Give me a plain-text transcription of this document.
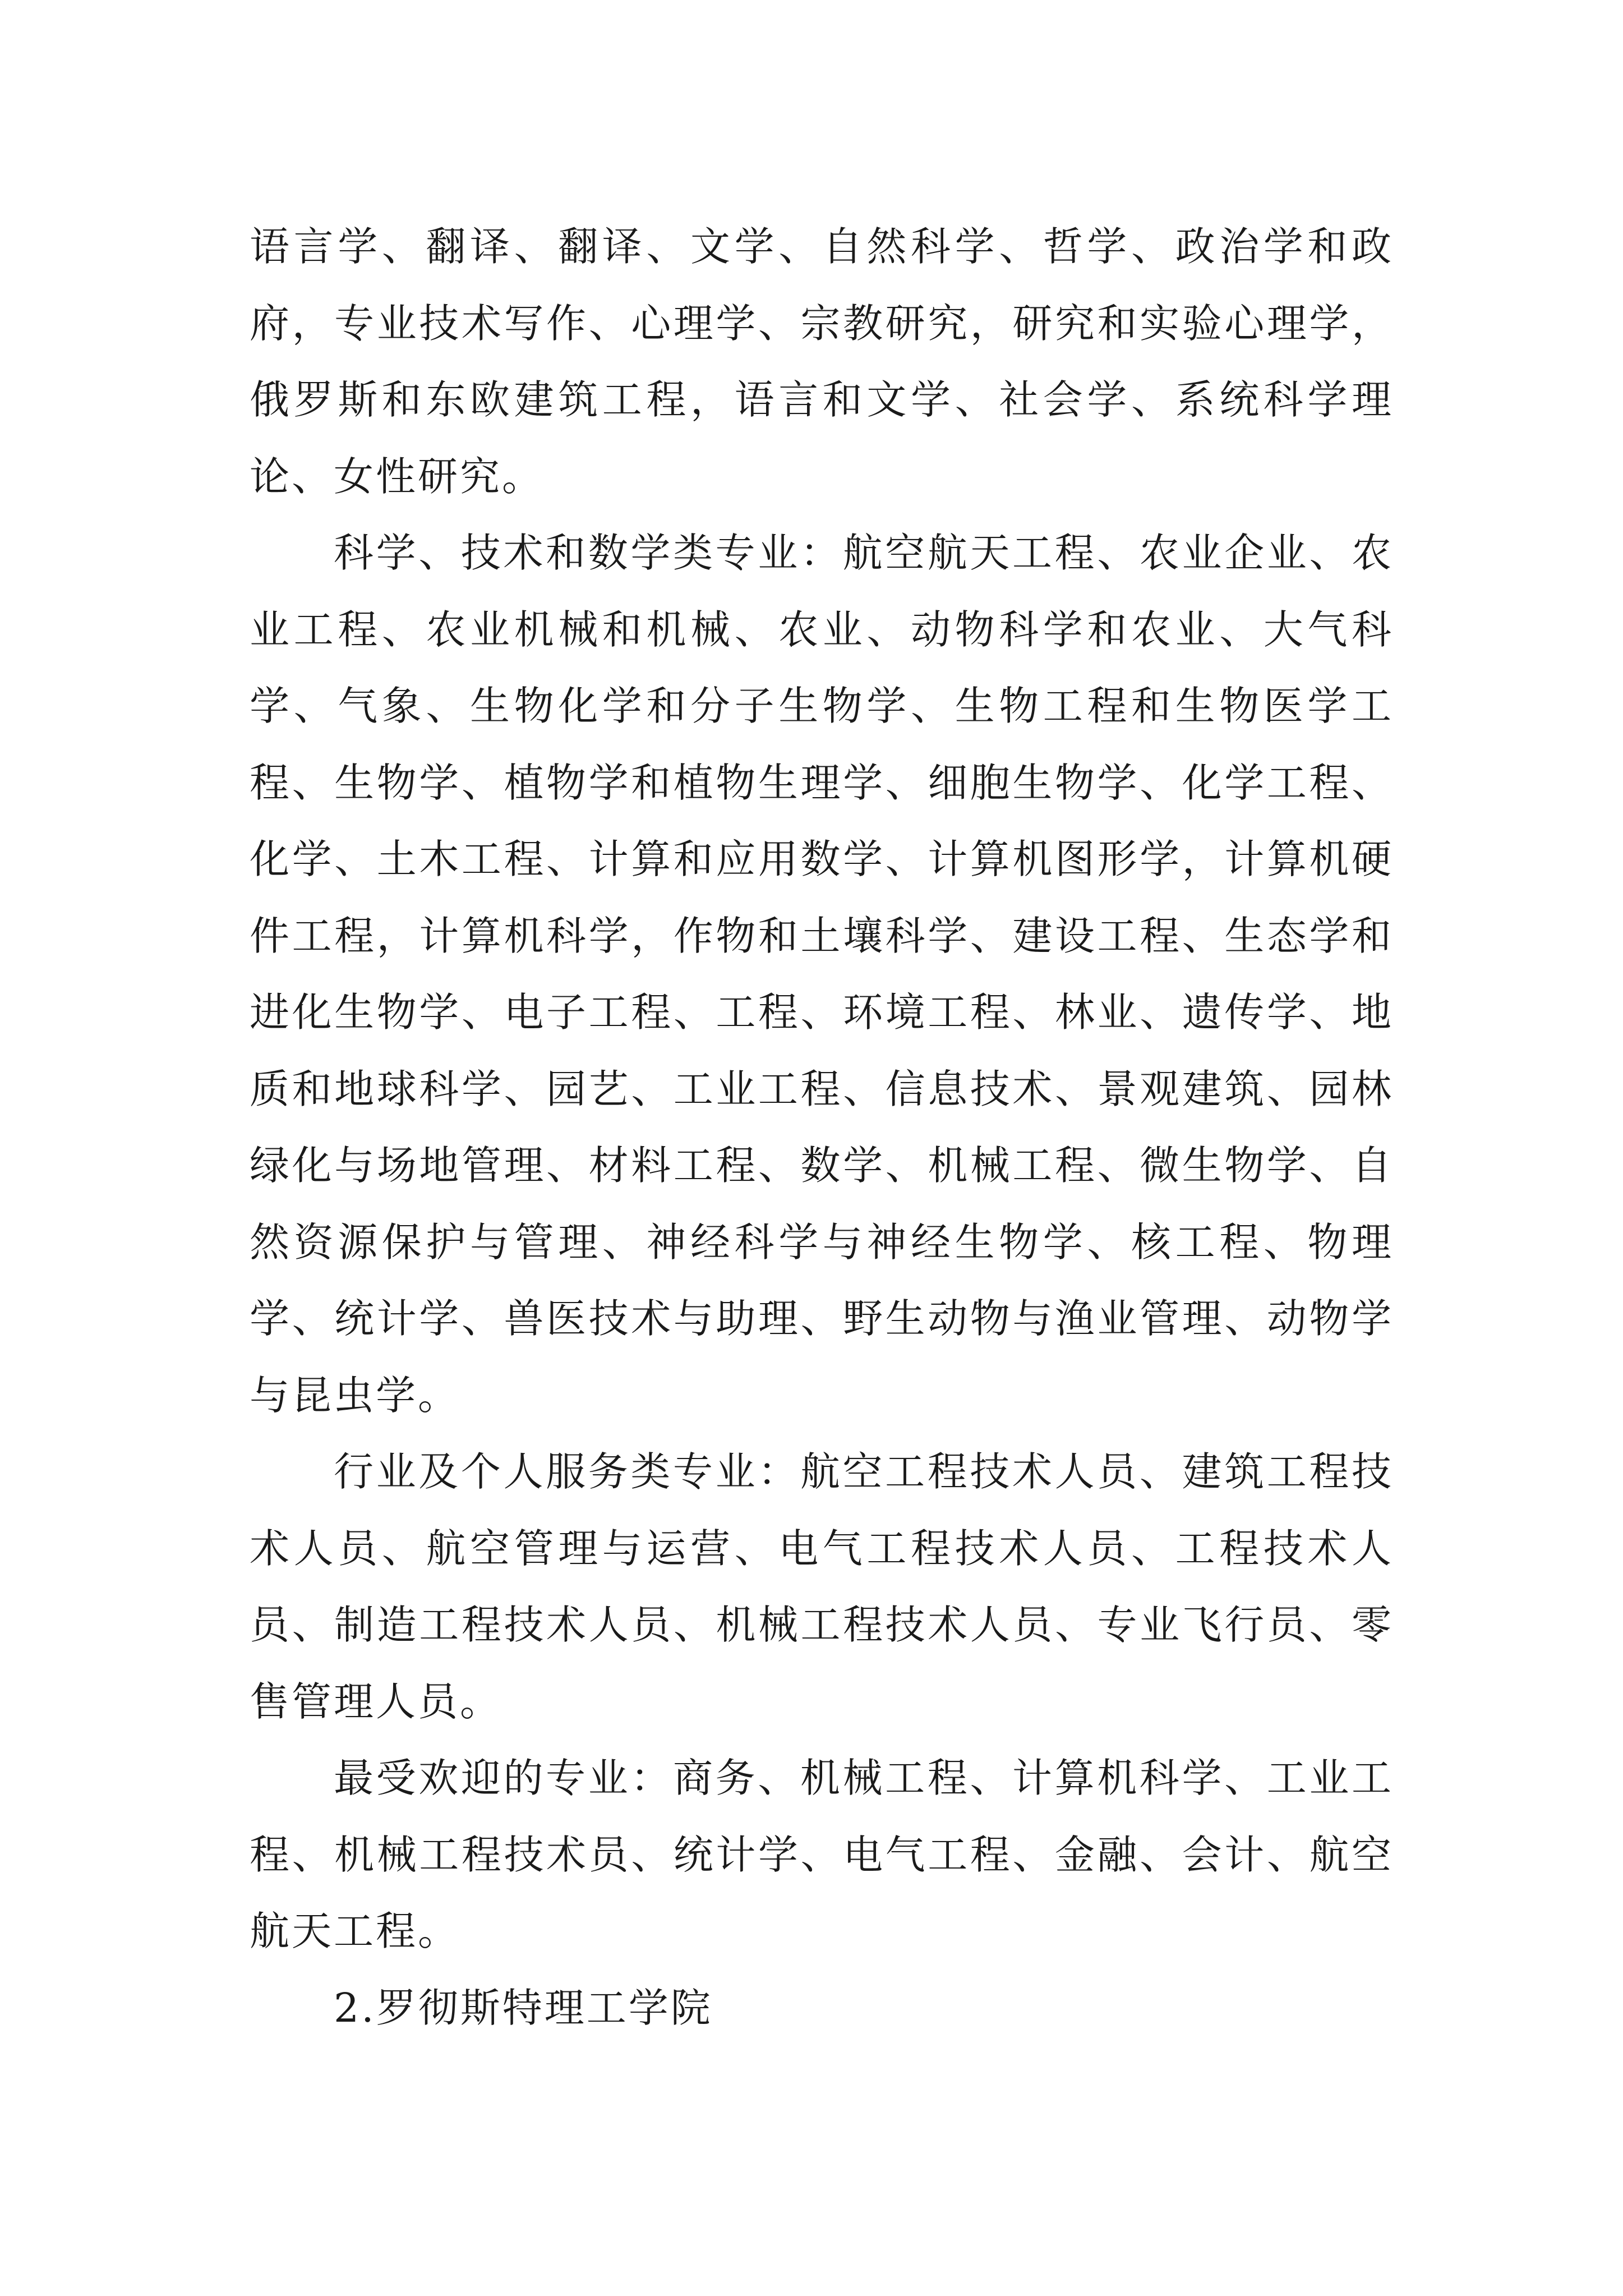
语言学、翻译、翻译、文学、自然科学、哲学、政治学和政府，专业技术写作、心理学、宗教研究，研究和实验心理学，俄罗斯和东欧建筑工程，语言和文学、社会学、系统科学理论、女性研究。

科学、技术和数学类专业：航空航天工程、农业企业、农业工程、农业机械和机械、农业、动物科学和农业、大气科学、气象、生物化学和分子生物学、生物工程和生物医学工程、生物学、植物学和植物生理学、细胞生物学、化学工程、化学、土木工程、计算和应用数学、计算机图形学，计算机硬件工程，计算机科学，作物和土壤科学、建设工程、生态学和进化生物学、电子工程、工程、环境工程、林业、遗传学、地质和地球科学、园艺、工业工程、信息技术、景观建筑、园林绿化与场地管理、材料工程、数学、机械工程、微生物学、自然资源保护与管理、神经科学与神经生物学、核工程、物理学、统计学、兽医技术与助理、野生动物与渔业管理、动物学与昆虫学。

行业及个人服务类专业：航空工程技术人员、建筑工程技术人员、航空管理与运营、电气工程技术人员、工程技术人员、制造工程技术人员、机械工程技术人员、专业飞行员、零售管理人员。

最受欢迎的专业：商务、机械工程、计算机科学、工业工程、机械工程技术员、统计学、电气工程、金融、会计、航空航天工程。

2.罗彻斯特理工学院
